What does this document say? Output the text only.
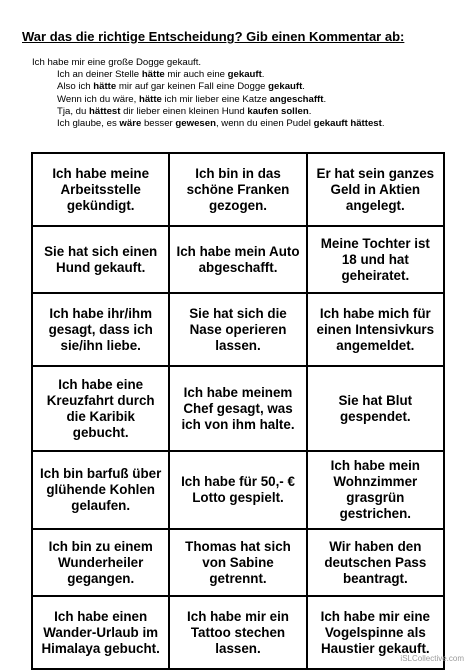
War das die richtige Entscheidung? Gib einen Kommentar ab:
Ich habe mir eine große Dogge gekauft.
Ich an deiner Stelle hätte mir auch eine gekauft.
Also ich hätte mir auf gar keinen Fall eine Dogge gekauft.
Wenn ich du wäre, hätte ich mir lieber eine Katze angeschafft.
Tja, du hättest dir lieber einen kleinen Hund kaufen sollen.
Ich glaube, es wäre besser gewesen, wenn du einen Pudel gekauft hättest.
Ich habe meine Arbeitsstelle gekündigt.	Ich bin in das schöne Franken gezogen.	Er hat sein ganzes Geld in Aktien angelegt.
Sie hat sich einen Hund gekauft.	Ich habe mein Auto abgeschafft.	Meine Tochter ist 18 und hat geheiratet.
Ich habe ihr/ihm gesagt, dass ich sie/ihn liebe.	Sie hat sich die Nase operieren lassen.	Ich habe mich für einen Intensivkurs angemeldet.
Ich habe eine Kreuzfahrt durch die Karibik gebucht.	Ich habe meinem Chef gesagt, was ich von ihm halte.	Sie hat Blut gespendet.
Ich bin barfuß über glühende Kohlen gelaufen.	Ich habe für 50,- € Lotto gespielt.	Ich habe mein Wohnzimmer grasgrün gestrichen.
Ich bin zu einem Wunderheiler gegangen.	Thomas hat sich von Sabine getrennt.	Wir haben den deutschen Pass beantragt.
Ich habe einen Wander-Urlaub im Himalaya gebucht.	Ich habe mir ein Tattoo stechen lassen.	Ich habe mir eine Vogelspinne als Haustier gekauft.
iSLCollective.com
